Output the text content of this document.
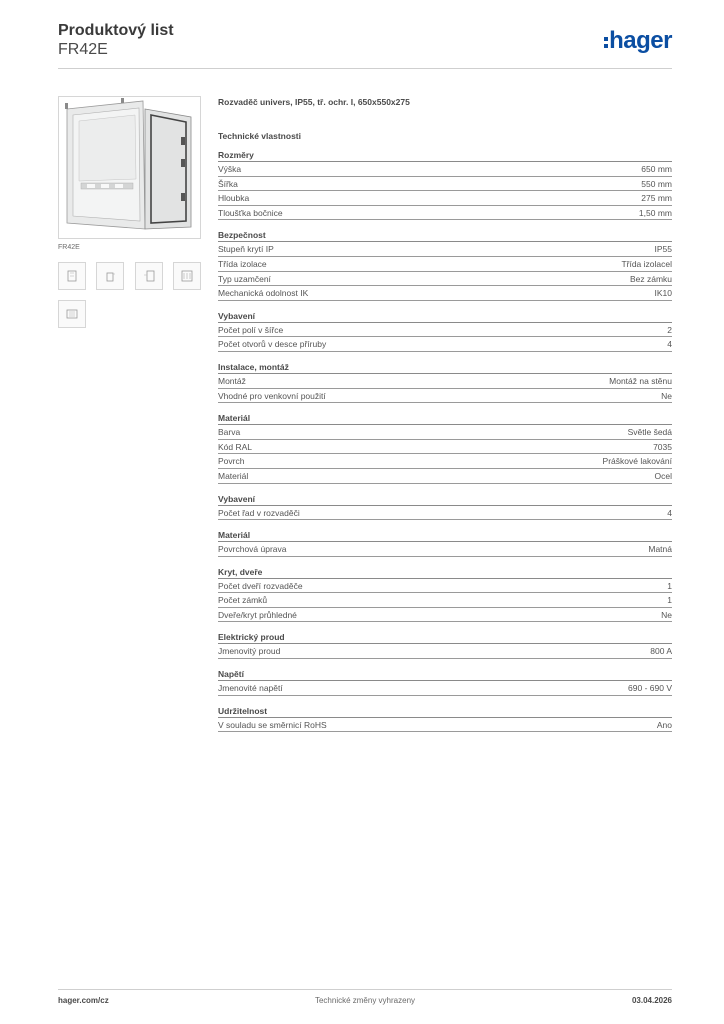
Produktový list
FR42E	hager
FR42E
Rozvaděč univers, IP55, tř. ochr. I, 650x550x275
Technické vlastnosti
Rozměry
Výška	650 mm
Šířka	550 mm
Hloubka	275 mm
Tloušťka bočnice	1,50 mm
Bezpečnost
Stupeň krytí IP	IP55
Třída izolace	Třída izolacel
Typ uzamčení	Bez zámku
Mechanická odolnost IK	IK10
Vybavení
Počet polí v šířce	2
Počet otvorů v desce příruby	4
Instalace, montáž
Montáž	Montáž na stěnu
Vhodné pro venkovní použití	Ne
Materiál
Barva	Světle šedá
Kód RAL	7035
Povrch	Práškové lakování
Materiál	Ocel
Vybavení
Počet řad v rozvaděči	4
Materiál
Povrchová úprava	Matná
Kryt, dveře
Počet dveří rozvaděče	1
Počet zámků	1
Dveře/kryt průhledné	Ne
Elektrický proud
Jmenovitý proud	800 A
Napětí
Jmenovité napětí	690 - 690 V
Udržitelnost
V souladu se směrnicí RoHS	Ano
hager.com/cz	Technické změny vyhrazeny	03.04.2026
